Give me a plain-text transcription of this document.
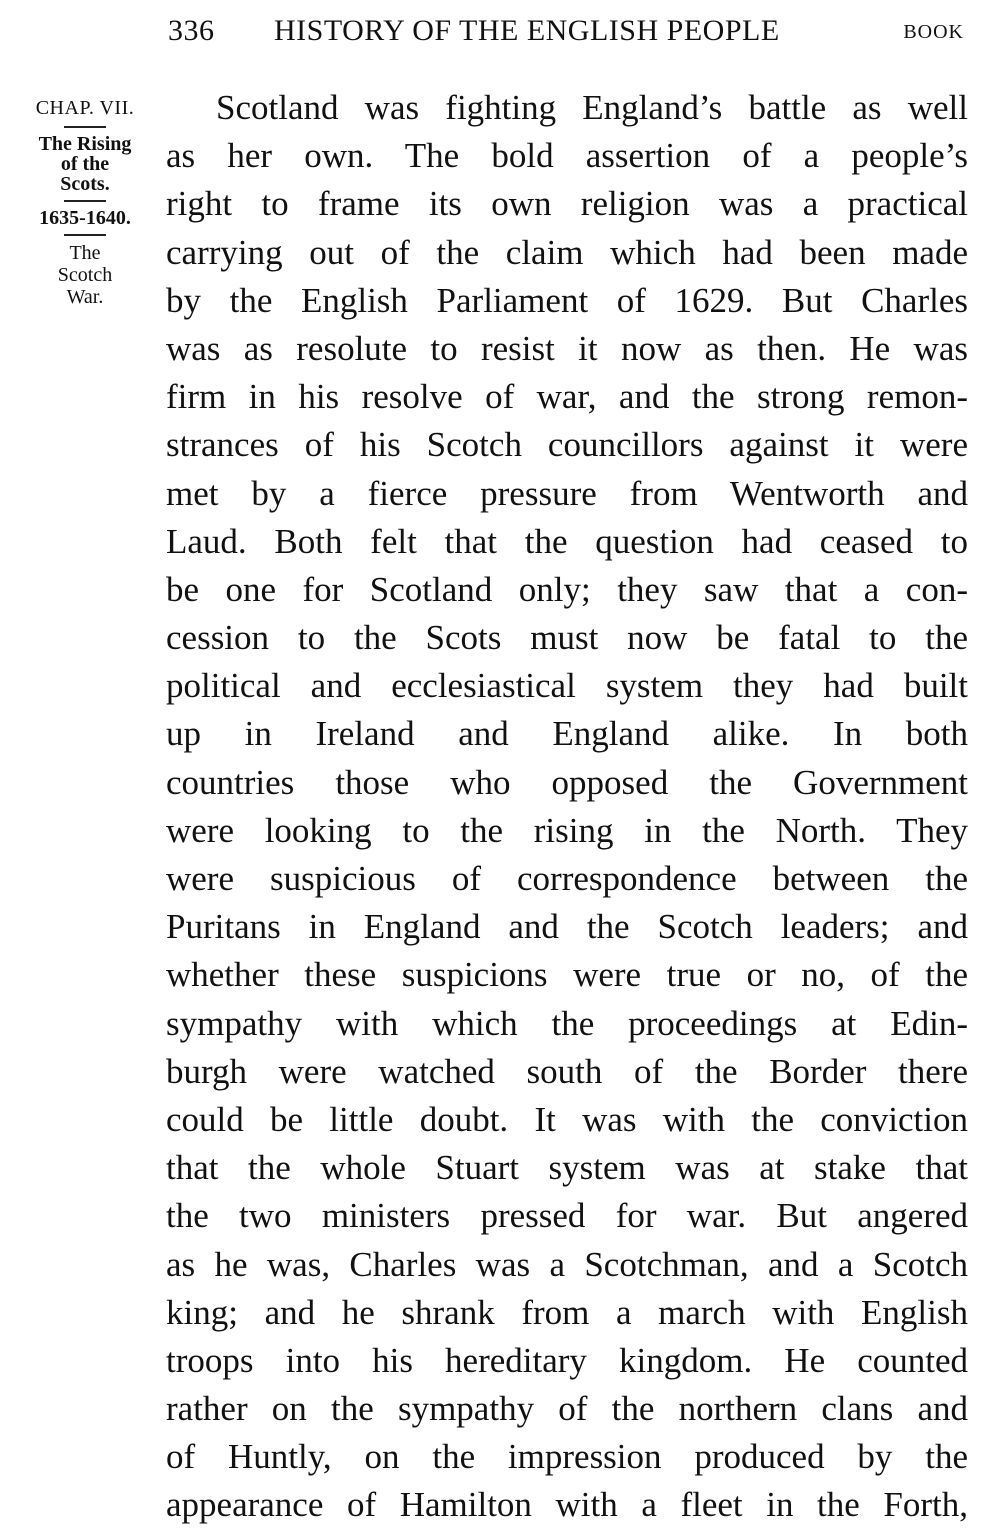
336 HISTORY OF THE ENGLISH PEOPLE	BOOK
CHAP. VII.
The Rising
of the
Scots.
1635-1640.
The
Scotch
War.
Scotland was fighting England’s battle as well
as her own. The bold assertion of a people’s
right to frame its own religion was a practical
carrying out of the claim which had been made
by the English Parliament of 1629. But Charles
was as resolute to resist it now as then. He was
firm in his resolve of war, and the strong remon-
strances of his Scotch councillors against it were
met by a fierce pressure from Wentworth and
Laud. Both felt that the question had ceased to
be one for Scotland only; they saw that a con-
cession to the Scots must now be fatal to the
political and ecclesiastical system they had built
up in Ireland and England alike. In both
countries those who opposed the Government
were looking to the rising in the North. They
were suspicious of correspondence between the
Puritans in England and the Scotch leaders; and
whether these suspicions were true or no, of the
sympathy with which the proceedings at Edin-
burgh were watched south of the Border there
could be little doubt. It was with the conviction
that the whole Stuart system was at stake that
the two ministers pressed for war. But angered
as he was, Charles was a Scotchman, and a Scotch
king; and he shrank from a march with English
troops into his hereditary kingdom. He counted
rather on the sympathy of the northern clans and
of Huntly, on the impression produced by the
appearance of Hamilton with a fleet in the Forth,
